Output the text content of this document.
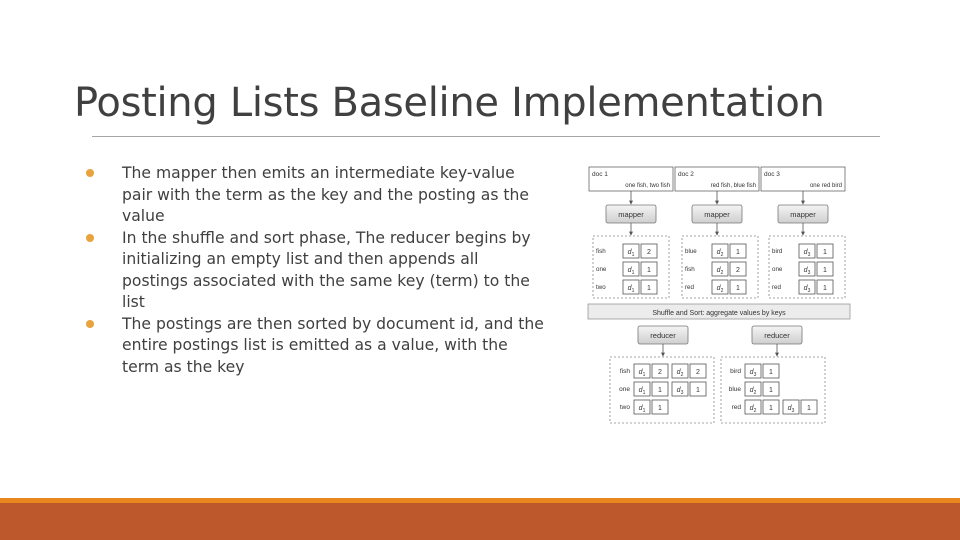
Posting Lists Baseline Implementation
The mapper then emits an intermediate key-value
pair with the term as the key and the posting as the
value
In the shuffle and sort phase, The reducer begins by
initializing an empty list and then appends all
postings associated with the same key (term) to the
list
The postings are then sorted by document id, and the
entire postings list is emitted as a value, with the
term as the key
doc 1
one fish, two fish
doc 2
red fish, blue fish
doc 3
one red bird
mapper	mapper	mapper
fish	$d_1$ 2
one	$d_1$ 1
two	$d_1$ 1
blue	$d_2$ 1
fish	$d_2$ 2
red	$d_2$ 1
bird	$d_3$ 1
one	$d_3$ 1
red	$d_3$ 1
Shuffle and Sort: aggregate values by keys
reducer	reducer
fish $d_1$ 2 $d_2$ 2
one $d_1$ 1 $d_3$ 1
two $d_1$ 1
bird $d_3$ 1
blue $d_2$ 1
red $d_2$ 1 $d_3$ 1
